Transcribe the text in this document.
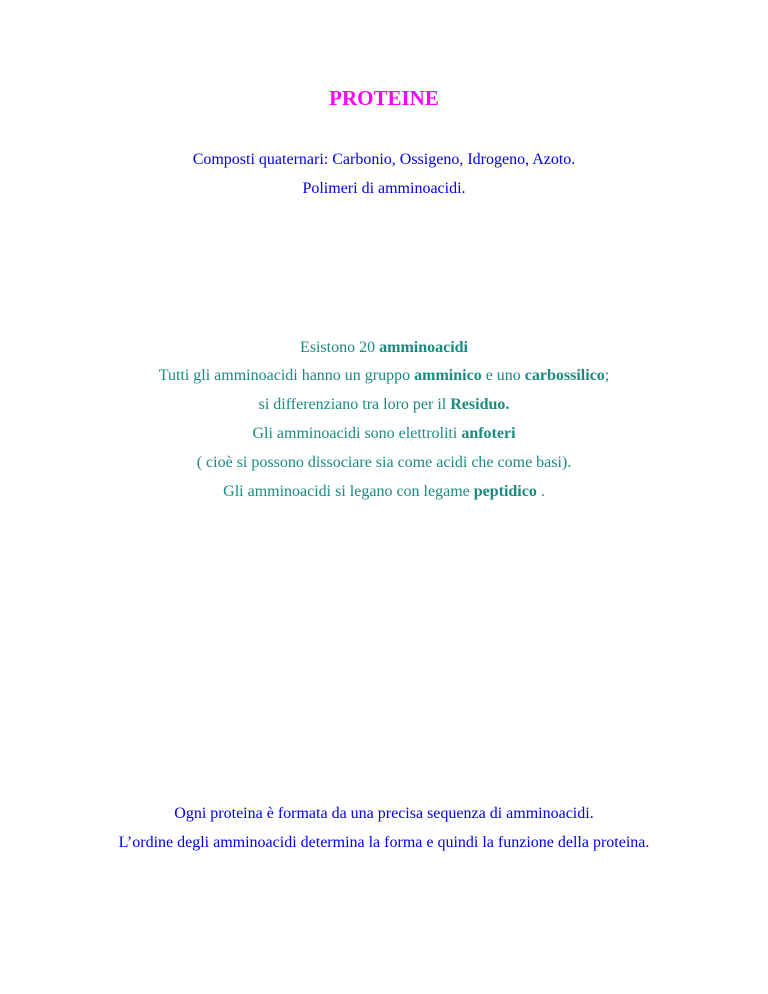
PROTEINE
Composti quaternari: Carbonio, Ossigeno, Idrogeno, Azoto.
Polimeri di amminoacidi.
Esistono 20 amminoacidi
Tutti gli amminoacidi hanno un gruppo amminico e uno carbossilico;
si differenziano tra loro per il Residuo.
Gli amminoacidi sono elettroliti anfoteri
( cioè si possono dissociare sia come acidi che come basi).
Gli amminoacidi si legano con legame peptidico .
Ogni proteina è formata da una precisa sequenza di amminoacidi.
L’ordine degli amminoacidi determina la forma e quindi la funzione della proteina.
